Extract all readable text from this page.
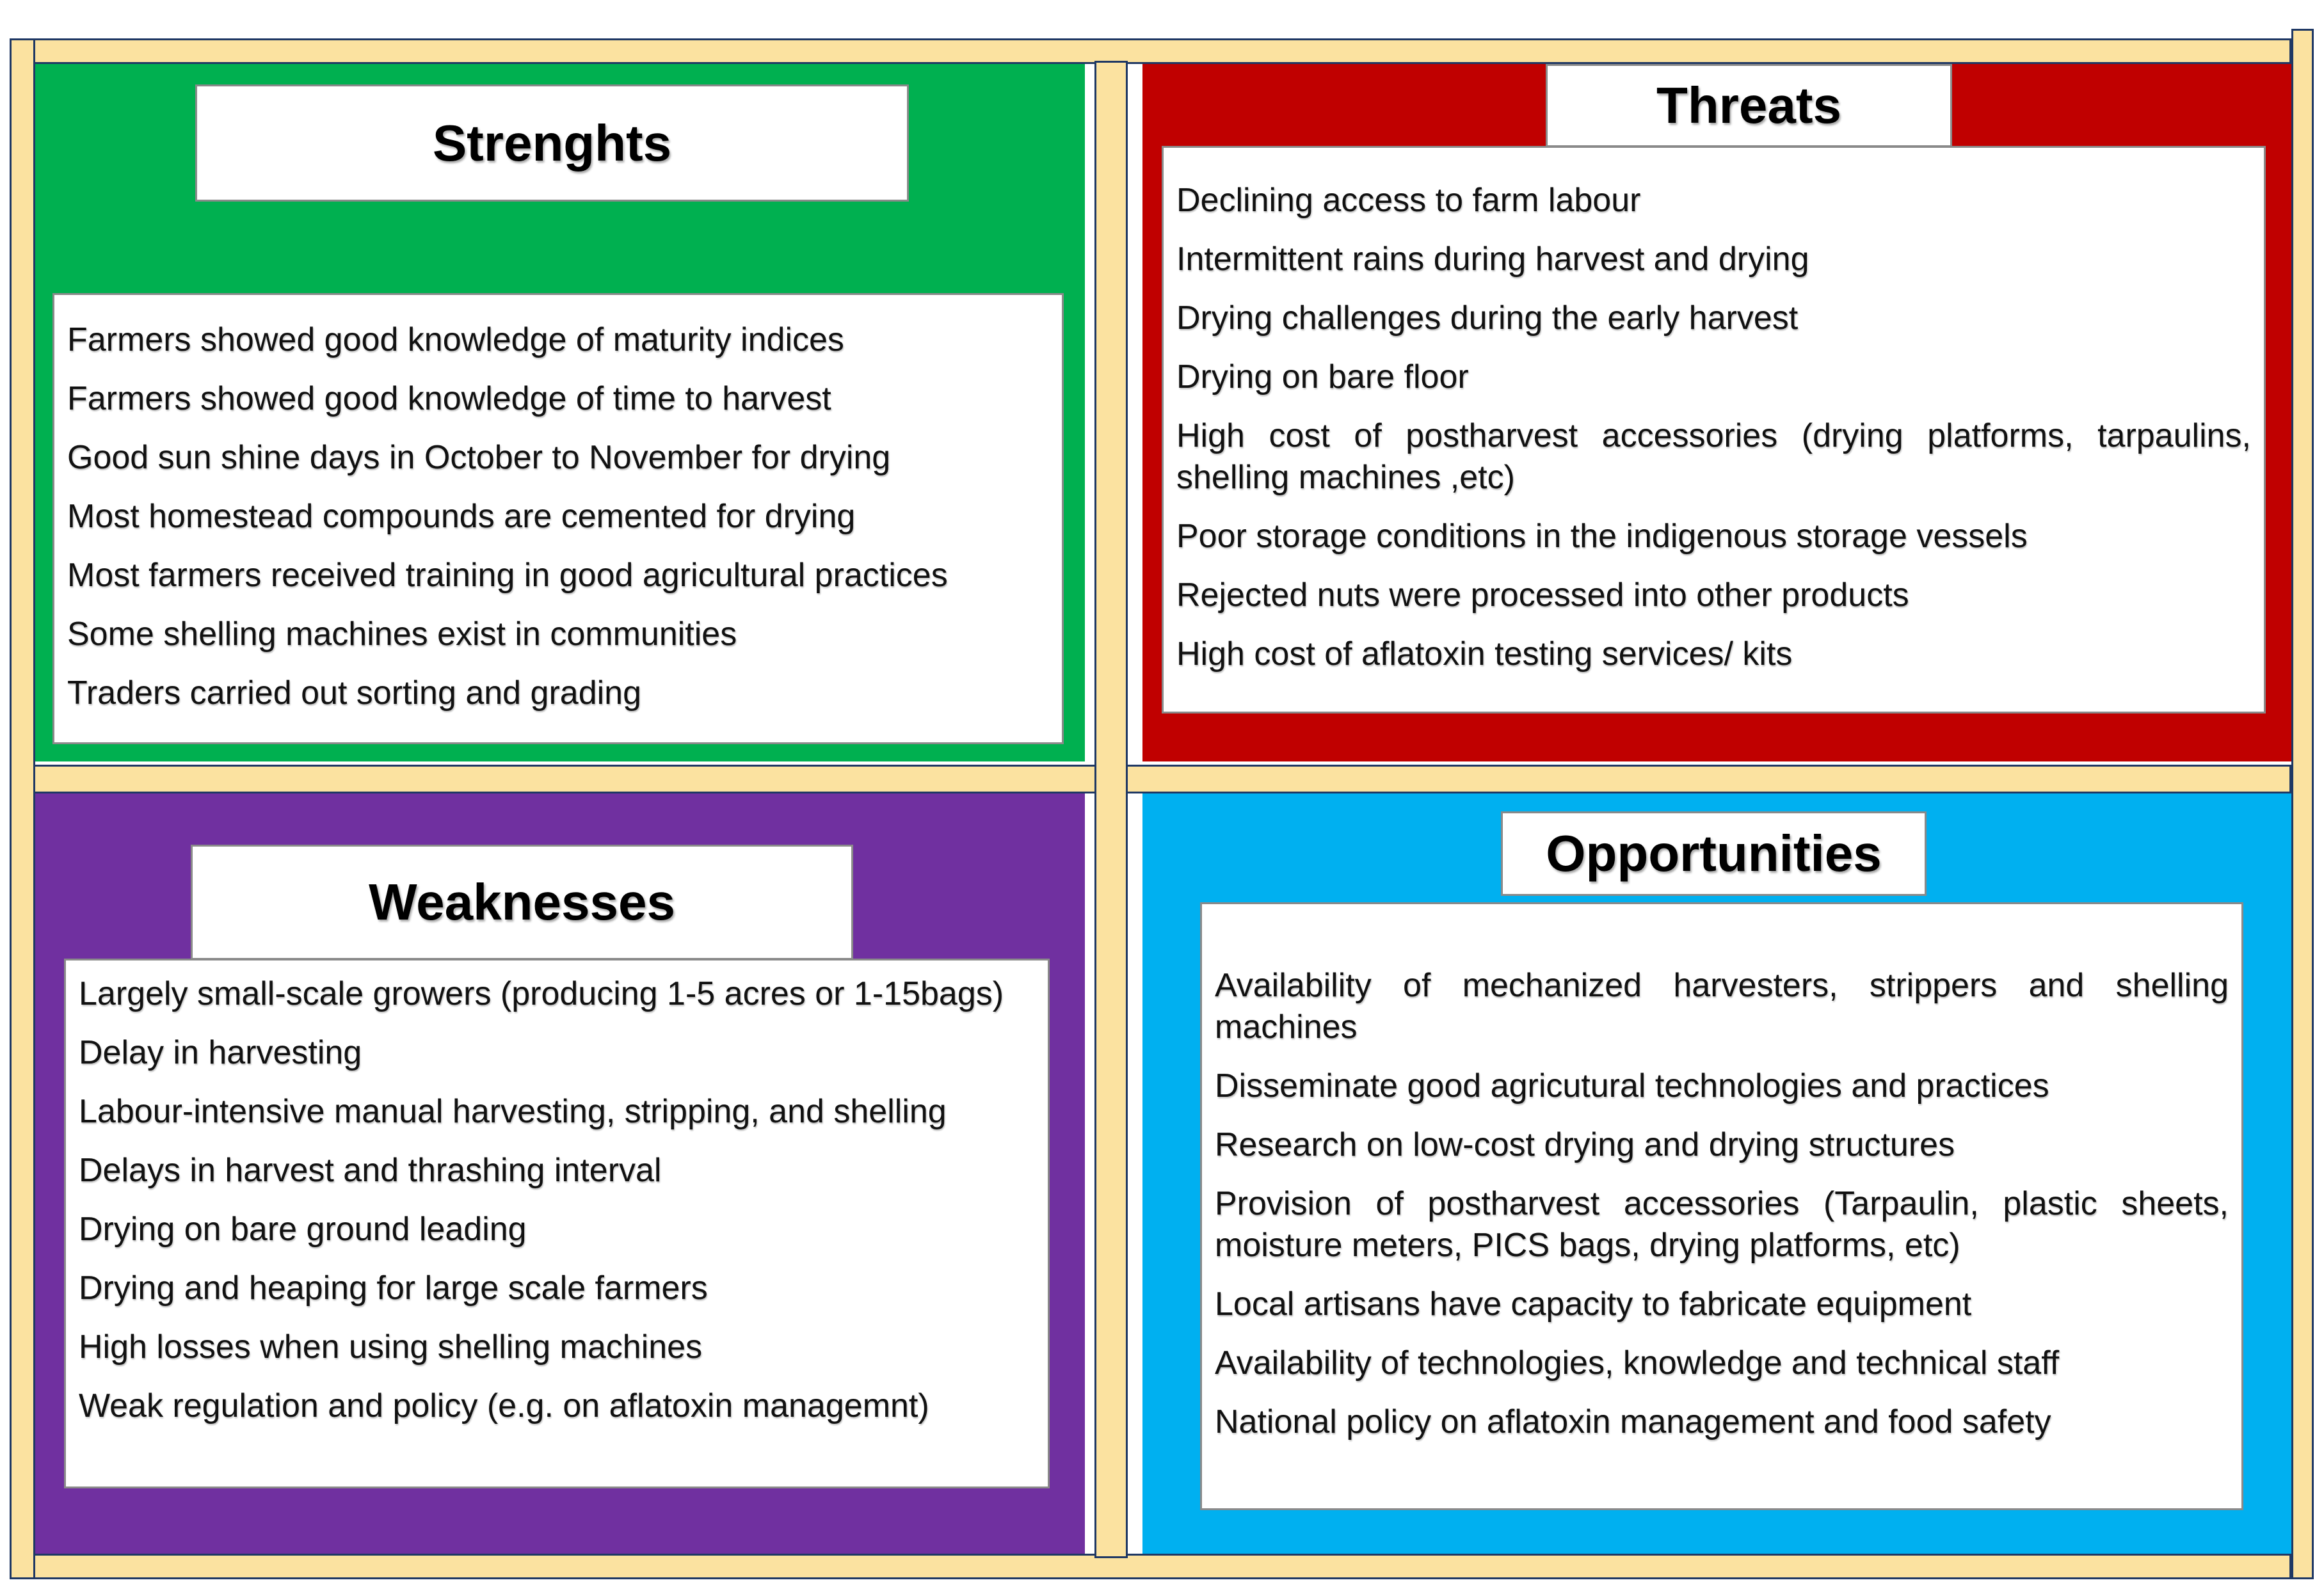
Strenghts
Farmers showed good knowledge of maturity indices
Farmers showed good knowledge of time to harvest
Good sun shine days in October to November for drying
Most homestead compounds are cemented for drying
Most farmers received training in good agricultural practices
Some shelling machines exist in communities
Traders carried out sorting and grading
Threats
Declining access to farm labour
Intermittent rains during harvest and drying
Drying challenges during the early harvest
Drying on bare floor
High cost of postharvest accessories (drying platforms, tarpaulins, shelling machines ,etc)
Poor storage conditions in the indigenous storage vessels
Rejected nuts were processed into other products
High cost of aflatoxin testing services/ kits
Weaknesses
Largely small-scale growers (producing 1-5 acres or 1-15bags)
Delay in harvesting
Labour-intensive manual harvesting, stripping, and shelling
Delays in harvest and thrashing interval
Drying on bare ground leading
Drying and heaping for large scale farmers
High losses when using shelling machines
Weak regulation and policy (e.g. on aflatoxin managemnt)
Opportunities
Availability of mechanized harvesters, strippers and shelling machines
Disseminate good agricutural technologies and practices
Research on low-cost drying and drying structures
Provision of postharvest accessories (Tarpaulin, plastic sheets, moisture meters, PICS bags, drying platforms, etc)
Local artisans have capacity to fabricate equipment
Availability of technologies, knowledge and technical staff
National policy on aflatoxin management and food safety
